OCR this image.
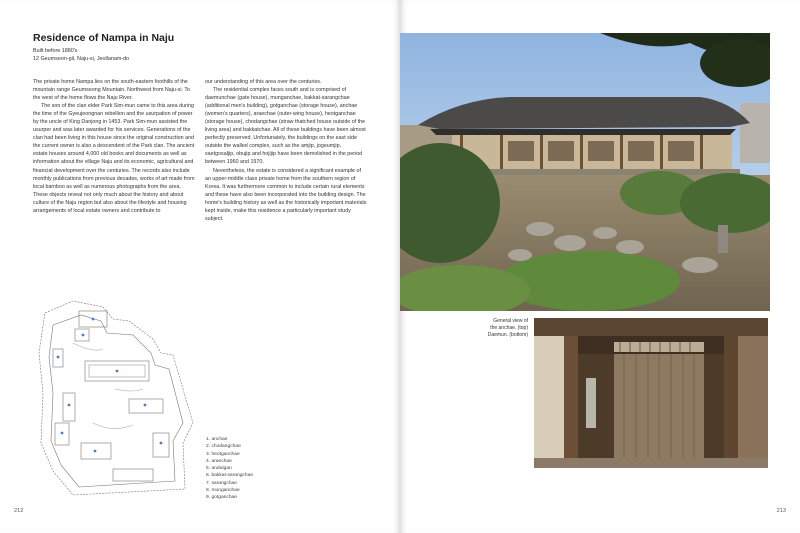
Residence of Nampa in Naju
Built before 1880's
12 Geumseon-gil, Naju-si, Jeollanam-do

The private home Nampa lies on the south-eastern foothills of the mountain range Geumseong Mountain, Northwest from Naju-si. To the west of the home flows the Naju River.

The son of the clan elder Park Sim-mun came to this area during the time of the Gyeujeongnan rebellion and the usurpation of power by the uncle of King Danjong in 1453. Park Sim-mun assisted the usurper and was later awarded for his services. Generations of the clan had been living in this house since the original construction and the current owner is also a descendent of the Park clan. The ancient estate houses around 4,000 old books and documents as well as information about the village Naju and its economic, agricultural and financial development over the centuries. The records also include monthly publications from previous decades, works of art made from local bamboo as well as numerous photographs from the area. These objects reveal not only much about the history and about culture of the Naju region but also about the lifestyle and housing arrangements of local estate owners and contribute to

our understanding of this area over the centuries.

The residential complex faces south and is comprised of daemunchae (gate house), munganchae, bakkat-sarangchae (additional men's building), gotganchae (storage house), anchae (women's quarters), araechae (outer-wing house), heotganchae (storage house), chodangchae (straw thatched house outside of the living area) and bakkatchae. All of these buildings have been almost perfectly preserved. Unfortunately, the buildings on the east side outside the walled complex, such as the amjip, jogeumjip, saetgosaljip, obujip and hojijip have been demolished in the period between 1960 and 1970.

Nevertheless, the estate is considered a significant example of an upper-middle class private home from the southern region of Korea. It was furthermore common to include certain rural elements and these have also been incorporated into the building design. The home's building history as well as the historically important materials kept inside, make this residence a particularly important study subject.

1. anchae
2. chodangchae
3. heotganchae
4. araechae
5. andutgan
6. bakkat-sarangchae
7. sarangchae
8. munganchae
9. gotganchae
212
General view of
the anchae. (top)
Daemun. (bottom)
213
